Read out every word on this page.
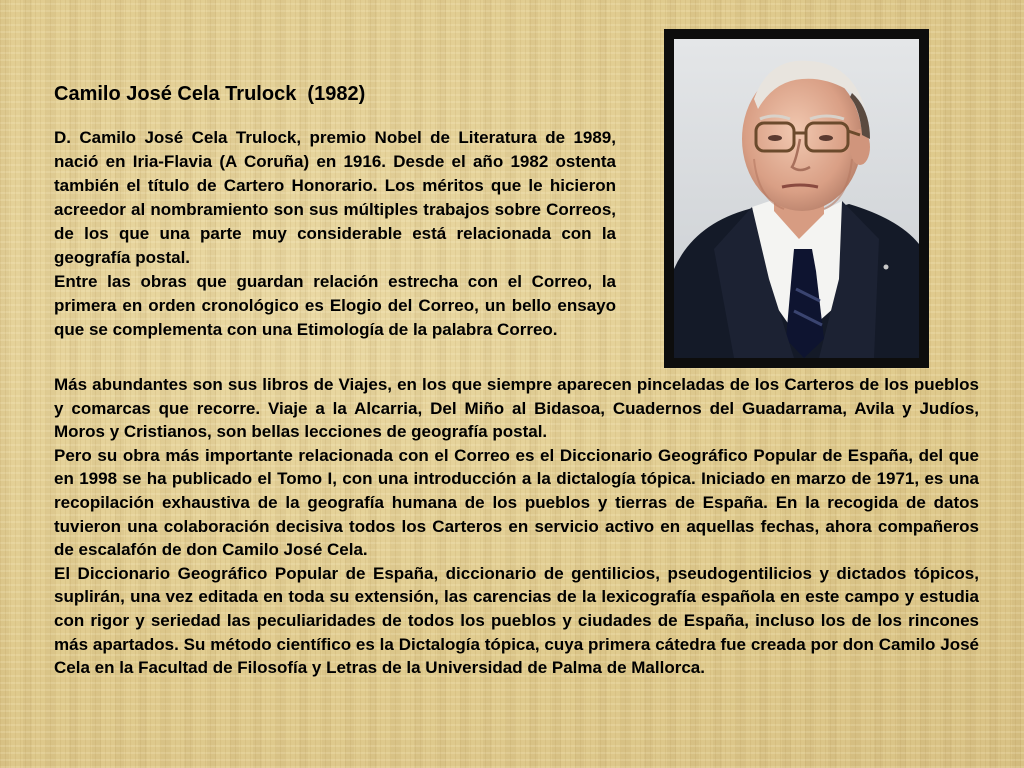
Camilo José Cela Trulock  (1982)

D. Camilo José Cela Trulock, premio Nobel de Literatura de 1989, nació en Iria-Flavia (A Coruña) en 1916. Desde el año 1982 ostenta también el título de Cartero Honorario. Los méritos que le hicieron acreedor al nombramiento son sus múltiples trabajos sobre Correos, de los que una parte muy considerable está relacionada con la geografía postal.

Entre las obras que guardan relación estrecha con el Correo, la primera en orden cronológico es Elogio del Correo, un bello ensayo que se complementa con una Etimología de la palabra Correo.

Más abundantes son sus libros de Viajes, en los que siempre aparecen pinceladas de los Carteros de los pueblos y comarcas que recorre. Viaje a la Alcarria, Del Miño al Bidasoa, Cuadernos del Guadarrama, Avila y Judíos, Moros y Cristianos, son bellas lecciones de geografía postal.

Pero su obra más importante relacionada con el Correo es el Diccionario Geográfico Popular de España, del que en 1998 se ha publicado el Tomo I, con una introducción a la dictalogía tópica. Iniciado en marzo de 1971, es una recopilación exhaustiva de la geografía humana de los pueblos y tierras de España. En la recogida de datos tuvieron una colaboración decisiva todos los Carteros en servicio activo en aquellas fechas, ahora compañeros de escalafón de don Camilo José Cela.

El Diccionario Geográfico Popular de España, diccionario de gentilicios, pseudogentilicios y dictados tópicos, suplirán, una vez editada en toda su extensión, las carencias de la lexicografía española en este campo y estudia con rigor y seriedad las peculiaridades de todos los pueblos y ciudades de España, incluso los de los rincones más apartados. Su método científico es la Dictalogía tópica, cuya primera cátedra fue creada por don Camilo José Cela en la Facultad de Filosofía y Letras de la Universidad de Palma de Mallorca.
